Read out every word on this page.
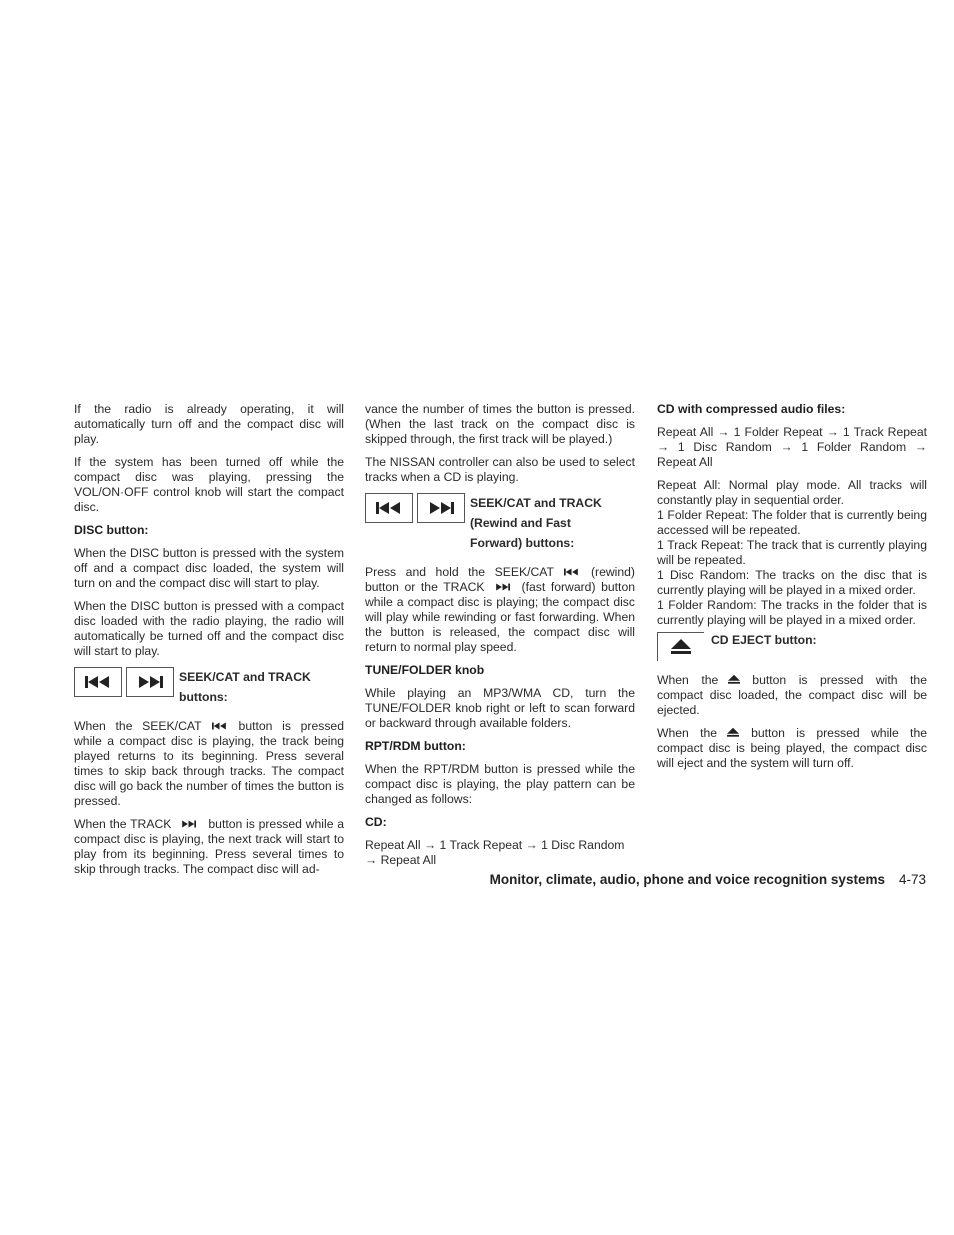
If the radio is already operating, it will automatically turn off and the compact disc will play.

If the system has been turned off while the compact disc was playing, pressing the VOL/ON·OFF control knob will start the compact disc.

DISC button:

When the DISC button is pressed with the system off and a compact disc loaded, the system will turn on and the compact disc will start to play.

When the DISC button is pressed with a compact disc loaded with the radio playing, the radio will automatically be turned off and the compact disc will start to play.

SEEK/CAT and TRACK
buttons:

When the SEEK/CAT	button is pressed while a compact disc is playing, the track being played returns to its beginning. Press several times to skip back through tracks. The compact disc will go back the number of times the button is pressed.

When the TRACK	button is pressed while a compact disc is playing, the next track will start to play from its beginning. Press several times to skip through tracks. The compact disc will ad-

vance the number of times the button is pressed. (When the last track on the compact disc is skipped through, the first track will be played.)

The NISSAN controller can also be used to select tracks when a CD is playing.

SEEK/CAT and TRACK
(Rewind and Fast
Forward) buttons:

Press and hold the SEEK/CAT	(rewind) button or the TRACK	(fast forward) button while a compact disc is playing; the compact disc will play while rewinding or fast forwarding. When the button is released, the compact disc will return to normal play speed.

TUNE/FOLDER knob

While playing an MP3/WMA CD, turn the TUNE/FOLDER knob right or left to scan forward or backward through available folders.

RPT/RDM button:

When the RPT/RDM button is pressed while the compact disc is playing, the play pattern can be changed as follows:

CD:

Repeat All → 1 Track Repeat → 1 Disc Random → Repeat All

CD with compressed audio files:

Repeat All → 1 Folder Repeat → 1 Track Repeat → 1 Disc Random → 1 Folder Random → Repeat All

Repeat All: Normal play mode. All tracks will constantly play in sequential order.

1 Folder Repeat: The folder that is currently being accessed will be repeated.

1 Track Repeat: The track that is currently playing will be repeated.

1 Disc Random: The tracks on the disc that is currently playing will be played in a mixed order.

1 Folder Random: The tracks in the folder that is currently playing will be played in a mixed order.

CD EJECT button:

When the	button is pressed with the compact disc loaded, the compact disc will be ejected.

When the	button is pressed while the compact disc is being played, the compact disc will eject and the system will turn off.

Monitor, climate, audio, phone and voice recognition systems 4-73
